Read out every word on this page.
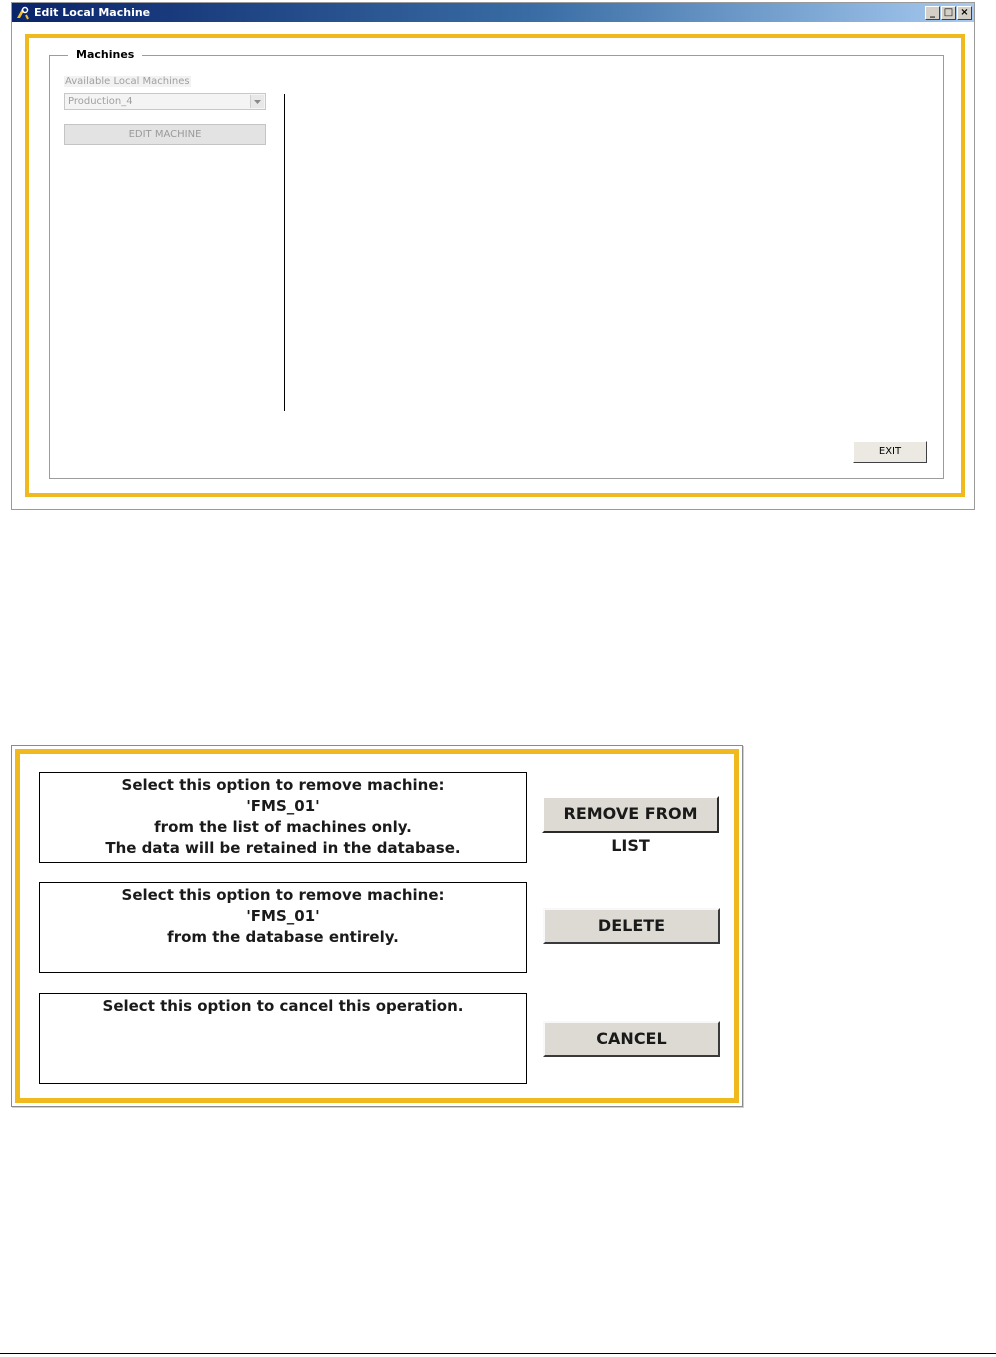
Edit Local Machine	_ □ ×
Machines
Available Local Machines
Production_4
EDIT MACHINE
EXIT
Select this option to remove machine:
'FMS_01'
from the list of machines only.
The data will be retained in the database.
REMOVE FROM LIST
Select this option to remove machine:
'FMS_01'
from the database entirely.
DELETE
Select this option to cancel this operation.
CANCEL
